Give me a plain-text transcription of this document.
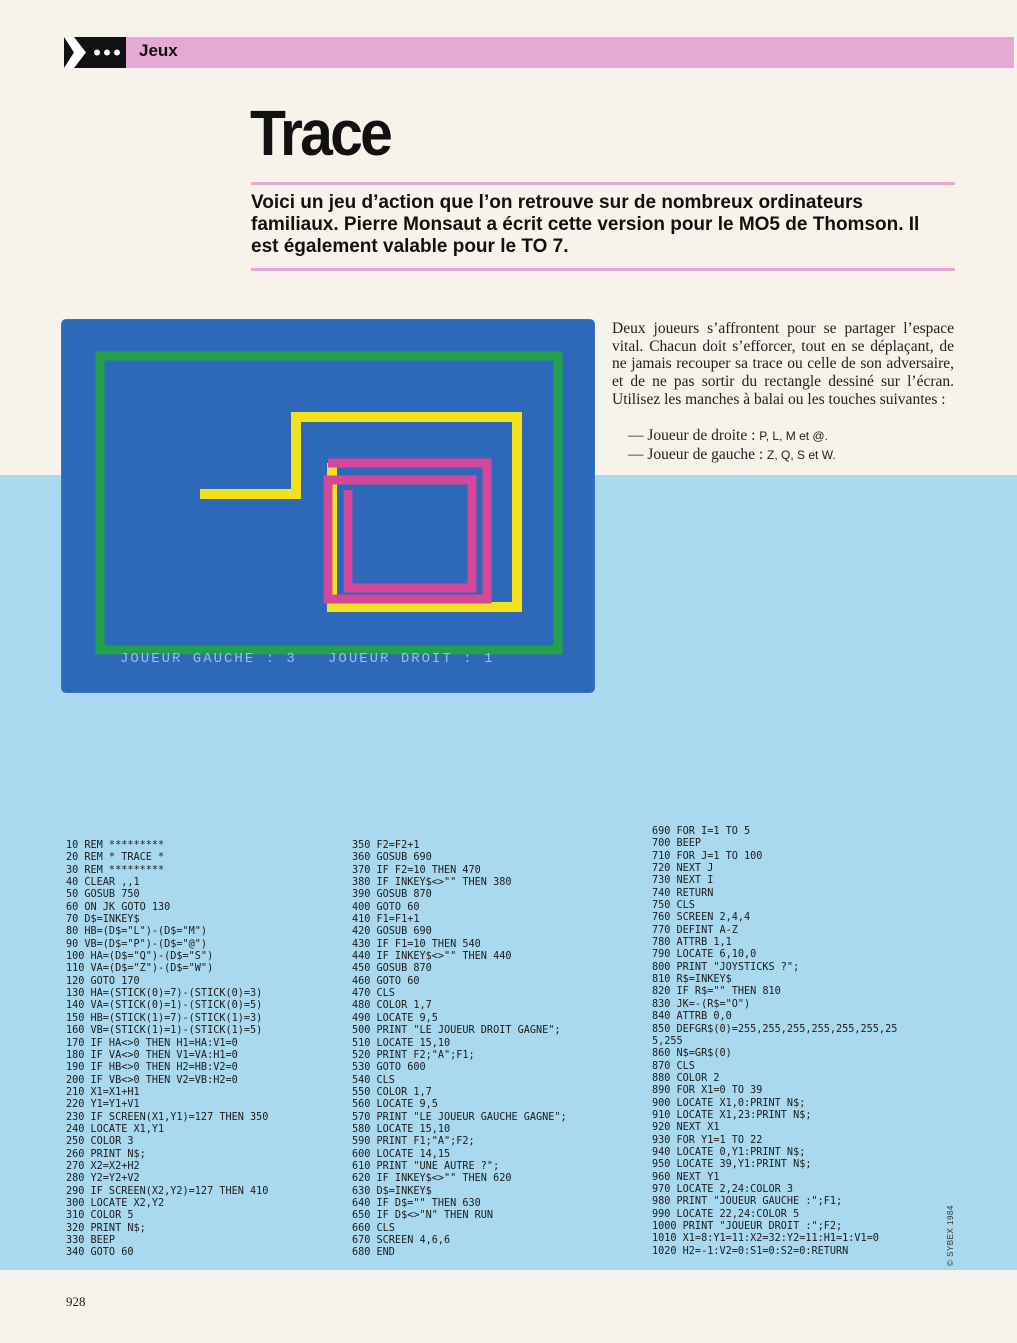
Jeux
Trace

Voici un jeu d’action que l’on retrouve sur de nombreux ordinateurs familiaux. Pierre Monsaut a écrit cette version pour le MO5 de Thomson. Il est également valable pour le TO 7.

JOUEUR GAUCHE : 3   JOUEUR DROIT : 1

Deux joueurs s’affrontent pour se partager l’espace vital. Chacun doit s’efforcer, tout en se déplaçant, de ne jamais recouper sa trace ou celle de son adversaire, et de ne pas sortir du rectangle dessiné sur l’écran. Utilisez les manches à balai ou les touches suivantes :

— Joueur de droite : P, L, M et @.
— Joueur de gauche : Z, Q, S et W.
10 REM *********
20 REM * TRACE *
30 REM *********
40 CLEAR ,,1
50 GOSUB 750
60 ON JK GOTO 130
70 D$=INKEY$
80 HB=(D$="L")-(D$="M")
90 VB=(D$="P")-(D$="@")
100 HA=(D$="Q")-(D$="S")
110 VA=(D$="Z")-(D$="W")
120 GOTO 170
130 HA=(STICK(0)=7)-(STICK(0)=3)
140 VA=(STICK(0)=1)-(STICK(0)=5)
150 HB=(STICK(1)=7)-(STICK(1)=3)
160 VB=(STICK(1)=1)-(STICK(1)=5)
170 IF HA<>0 THEN H1=HA:V1=0
180 IF VA<>0 THEN V1=VA:H1=0
190 IF HB<>0 THEN H2=HB:V2=0
200 IF VB<>0 THEN V2=VB:H2=0
210 X1=X1+H1
220 Y1=Y1+V1
230 IF SCREEN(X1,Y1)=127 THEN 350
240 LOCATE X1,Y1
250 COLOR 3
260 PRINT N$;
270 X2=X2+H2
280 Y2=Y2+V2
290 IF SCREEN(X2,Y2)=127 THEN 410
300 LOCATE X2,Y2
310 COLOR 5
320 PRINT N$;
330 BEEP
340 GOTO 60
350 F2=F2+1
360 GOSUB 690
370 IF F2=10 THEN 470
380 IF INKEY$<>"" THEN 380
390 GOSUB 870
400 GOTO 60
410 F1=F1+1
420 GOSUB 690
430 IF F1=10 THEN 540
440 IF INKEY$<>"" THEN 440
450 GOSUB 870
460 GOTO 60
470 CLS
480 COLOR 1,7
490 LOCATE 9,5
500 PRINT "LE JOUEUR DROIT GAGNE";
510 LOCATE 15,10
520 PRINT F2;"A";F1;
530 GOTO 600
540 CLS
550 COLOR 1,7
560 LOCATE 9,5
570 PRINT "LE JOUEUR GAUCHE GAGNE";
580 LOCATE 15,10
590 PRINT F1;"A";F2;
600 LOCATE 14,15
610 PRINT "UNE AUTRE ?";
620 IF INKEY$<>"" THEN 620
630 D$=INKEY$
640 IF D$="" THEN 630
650 IF D$<>"N" THEN RUN
660 CLS
670 SCREEN 4,6,6
680 END
690 FOR I=1 TO 5
700 BEEP
710 FOR J=1 TO 100
720 NEXT J
730 NEXT I
740 RETURN
750 CLS
760 SCREEN 2,4,4
770 DEFINT A-Z
780 ATTRB 1,1
790 LOCATE 6,10,0
800 PRINT "JOYSTICKS ?";
810 R$=INKEY$
820 IF R$="" THEN 810
830 JK=-(R$="O")
840 ATTRB 0,0
850 DEFGR$(0)=255,255,255,255,255,255,25
5,255
860 N$=GR$(0)
870 CLS
880 COLOR 2
890 FOR X1=0 TO 39
900 LOCATE X1,0:PRINT N$;
910 LOCATE X1,23:PRINT N$;
920 NEXT X1
930 FOR Y1=1 TO 22
940 LOCATE 0,Y1:PRINT N$;
950 LOCATE 39,Y1:PRINT N$;
960 NEXT Y1
970 LOCATE 2,24:COLOR 3
980 PRINT "JOUEUR GAUCHE :";F1;
990 LOCATE 22,24:COLOR 5
1000 PRINT "JOUEUR DROIT :";F2;
1010 X1=8:Y1=11:X2=32:Y2=11:H1=1:V1=0
1020 H2=-1:V2=0:S1=0:S2=0:RETURN	© SYBEX 1984
928
